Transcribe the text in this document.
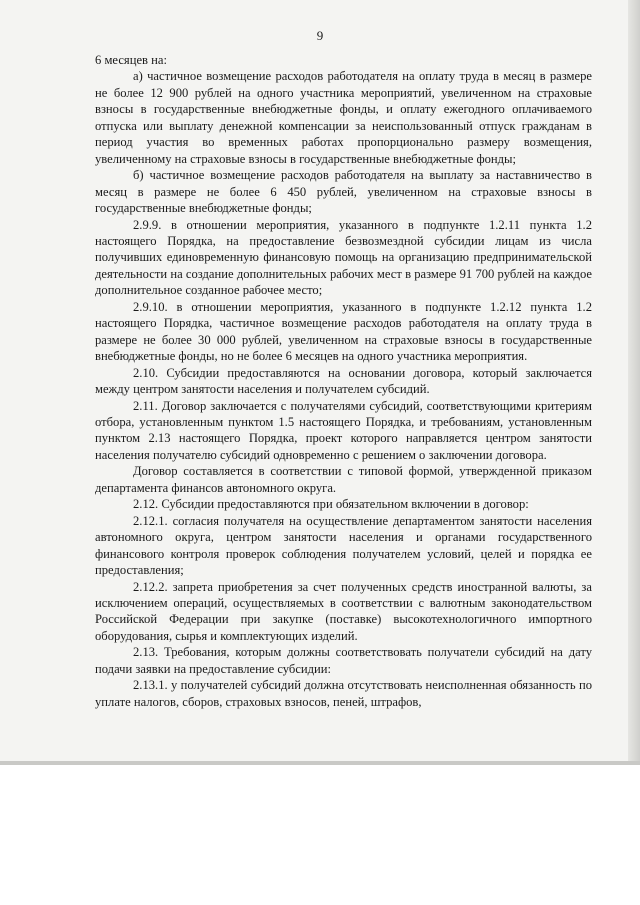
9

6 месяцев на:

а) частичное возмещение расходов работодателя на оплату труда в месяц в размере не более 12 900 рублей на одного участника мероприятий, увеличенном на страховые взносы в государственные внебюджетные фонды, и оплату ежегодного оплачиваемого отпуска или выплату денежной компенсации за неиспользованный отпуск гражданам в период участия во временных работах пропорционально размеру возмещения, увеличенному на страховые взносы в государственные внебюджетные фонды;

б) частичное возмещение расходов работодателя на выплату за наставничество в месяц в размере не более 6 450 рублей, увеличенном на страховые взносы в государственные внебюджетные фонды;

2.9.9. в отношении мероприятия, указанного в подпункте 1.2.11 пункта 1.2 настоящего Порядка, на предоставление безвозмездной субсидии лицам из числа получивших единовременную финансовую помощь на организацию предпринимательской деятельности на создание дополнительных рабочих мест в размере 91 700 рублей на каждое дополнительное созданное рабочее место;

2.9.10. в отношении мероприятия, указанного в подпункте 1.2.12 пункта 1.2 настоящего Порядка, частичное возмещение расходов работодателя на оплату труда в размере не более 30 000 рублей, увеличенном на страховые взносы в государственные внебюджетные фонды, но не более 6 месяцев на одного участника мероприятия.

2.10. Субсидии предоставляются на основании договора, который заключается между центром занятости населения и получателем субсидий.

2.11. Договор заключается с получателями субсидий, соответствующими критериям отбора, установленным пунктом 1.5 настоящего Порядка, и требованиям, установленным пунктом 2.13 настоящего Порядка, проект которого направляется центром занятости населения получателю субсидий одновременно с решением о заключении договора.

Договор составляется в соответствии с типовой формой, утвержденной приказом департамента финансов автономного округа.

2.12. Субсидии предоставляются при обязательном включении в договор:

2.12.1. согласия получателя на осуществление департаментом занятости населения автономного округа, центром занятости населения и органами государственного финансового контроля проверок соблюдения получателем условий, целей и порядка ее предоставления;

2.12.2. запрета приобретения за счет полученных средств иностранной валюты, за исключением операций, осуществляемых в соответствии с валютным законодательством Российской Федерации при закупке (поставке) высокотехнологичного импортного оборудования, сырья и комплектующих изделий.

2.13. Требования, которым должны соответствовать получатели субсидий на дату подачи заявки на предоставление субсидии:

2.13.1. у получателей субсидий должна отсутствовать неисполненная обязанность по уплате налогов, сборов, страховых взносов, пеней, штрафов,
